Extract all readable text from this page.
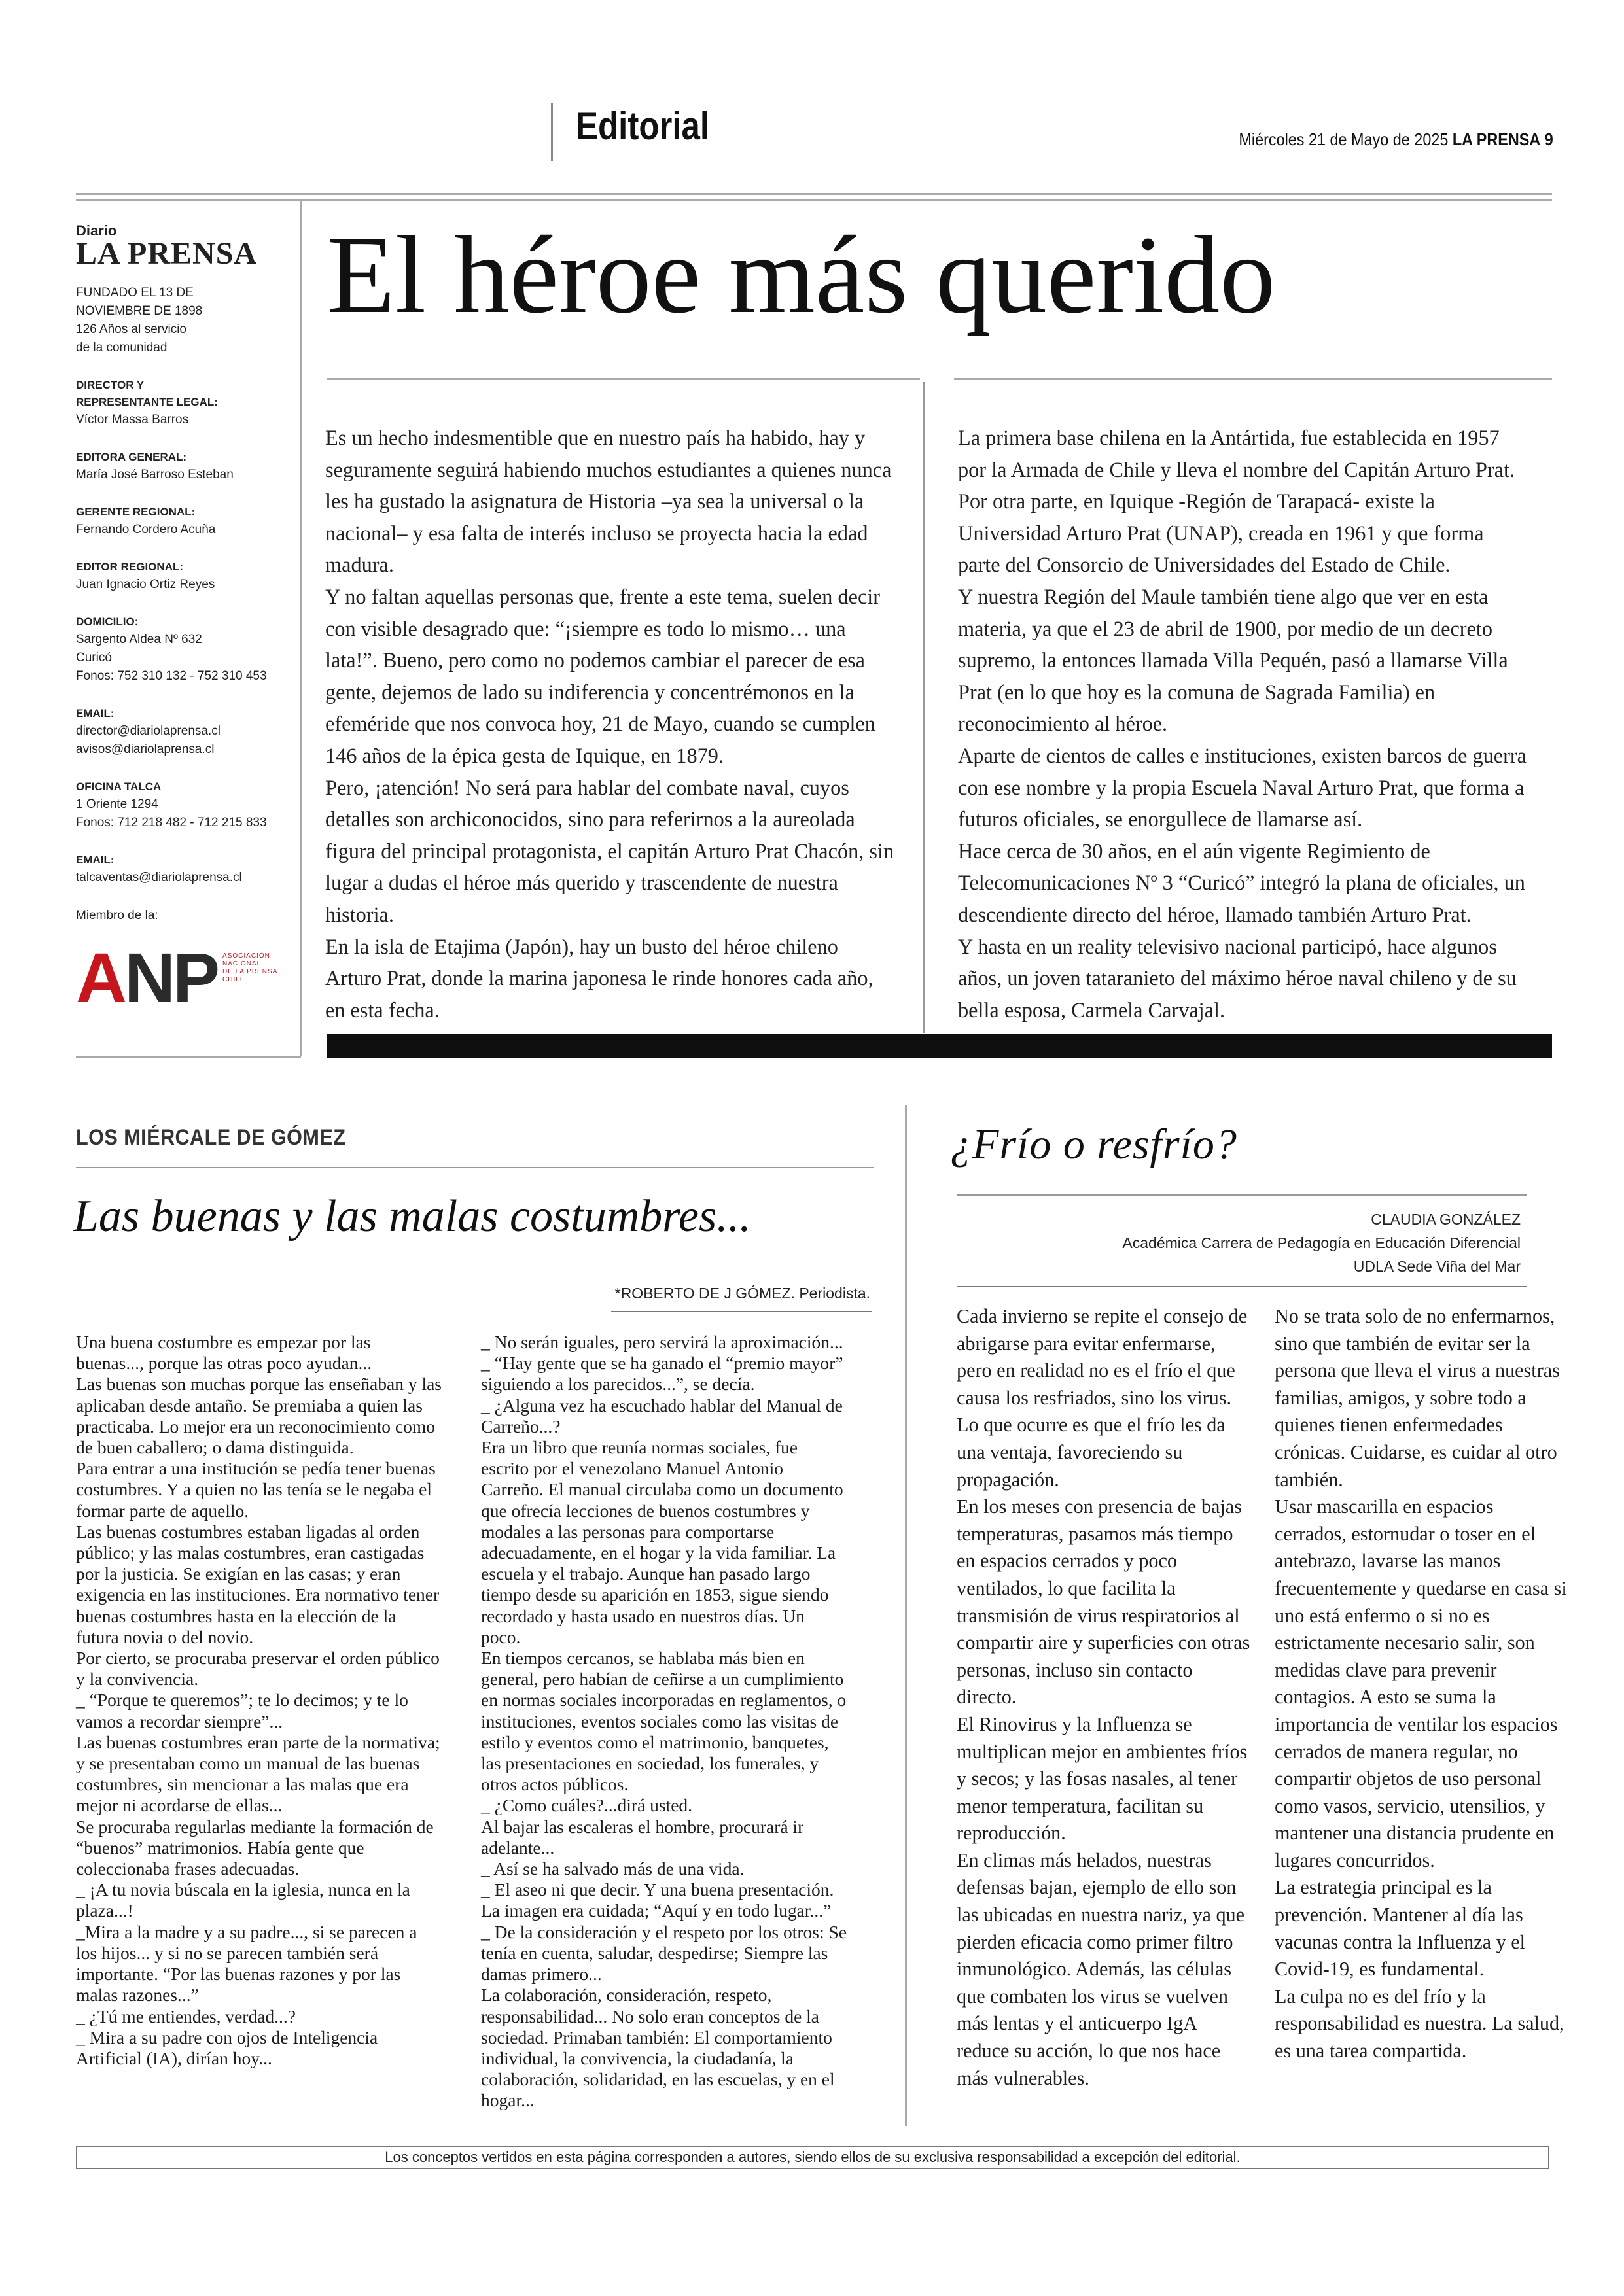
Editorial	Miércoles 21 de Mayo de 2025 LA PRENSA 9
Diario
LA PRENSA
FUNDADO EL 13 DE
NOVIEMBRE DE 1898
126 Años al servicio
de la comunidad
DIRECTOR Y
REPRESENTANTE LEGAL:
Víctor Massa Barros
EDITORA GENERAL:
María José Barroso Esteban
GERENTE REGIONAL:
Fernando Cordero Acuña
EDITOR REGIONAL:
Juan Ignacio Ortiz Reyes
DOMICILIO:
Sargento Aldea Nº 632
Curicó
Fonos: 752 310 132 - 752 310 453
EMAIL:
director@diariolaprensa.cl
avisos@diariolaprensa.cl
OFICINA TALCA
1 Oriente 1294
Fonos: 712 218 482 - 712 215 833
EMAIL:
talcaventas@diariolaprensa.cl
Miembro de la:
ANP ASOCIACIÓN
NACIONAL
DE LA PRENSA
CHILE
El héroe más querido

Es un hecho indesmentible que en nuestro país ha habido, hay y seguramente seguirá habiendo muchos estudiantes a quienes nunca les ha gustado la asignatura de Historia –ya sea la universal o la nacional– y esa falta de interés incluso se proyecta hacia la edad madura.

Y no faltan aquellas personas que, frente a este tema, suelen decir con visible desagrado que: “¡siempre es todo lo mismo… una lata!”. Bueno, pero como no podemos cambiar el parecer de esa gente, dejemos de lado su indiferencia y concentrémonos en la efeméride que nos convoca hoy, 21 de Mayo, cuando se cumplen 146 años de la épica gesta de Iquique, en 1879.

Pero, ¡atención! No será para hablar del combate naval, cuyos detalles son archiconocidos, sino para referirnos a la aureolada figura del principal protagonista, el capitán Arturo Prat Chacón, sin lugar a dudas el héroe más querido y trascendente de nuestra historia.

En la isla de Etajima (Japón), hay un busto del héroe chileno Arturo Prat, donde la marina japonesa le rinde honores cada año, en esta fecha.

La primera base chilena en la Antártida, fue establecida en 1957 por la Armada de Chile y lleva el nombre del Capitán Arturo Prat.

Por otra parte, en Iquique -Región de Tarapacá- existe la Universidad Arturo Prat (UNAP), creada en 1961 y que forma parte del Consorcio de Universidades del Estado de Chile.

Y nuestra Región del Maule también tiene algo que ver en esta materia, ya que el 23 de abril de 1900, por medio de un decreto supremo, la entonces llamada Villa Pequén, pasó a llamarse Villa Prat (en lo que hoy es la comuna de Sagrada Familia) en reconocimiento al héroe.

Aparte de cientos de calles e instituciones, existen barcos de guerra con ese nombre y la propia Escuela Naval Arturo Prat, que forma a futuros oficiales, se enorgullece de llamarse así.

Hace cerca de 30 años, en el aún vigente Regimiento de Telecomunicaciones Nº 3 “Curicó” integró la plana de oficiales, un descendiente directo del héroe, llamado también Arturo Prat.

Y hasta en un reality televisivo nacional participó, hace algunos años, un joven tataranieto del máximo héroe naval chileno y de su bella esposa, Carmela Carvajal.

LOS MIÉRCALE DE GÓMEZ
Las buenas y las malas costumbres...
*ROBERTO DE J GÓMEZ. Periodista.

Una buena costumbre es empezar por las buenas..., porque las otras poco ayudan...

Las buenas son muchas porque las enseñaban y las aplicaban desde antaño. Se premiaba a quien las practicaba. Lo mejor era un reconocimiento como de buen caballero; o dama distinguida.

Para entrar a una institución se pedía tener buenas costumbres. Y a quien no las tenía se le negaba el formar parte de aquello.

Las buenas costumbres estaban ligadas al orden público; y las malas costumbres, eran castigadas por la justicia. Se exigían en las casas; y eran exigencia en las instituciones. Era normativo tener buenas costumbres hasta en la elección de la futura novia o del novio.

Por cierto, se procuraba preservar el orden público y la convivencia.

_ “Porque te queremos”; te lo decimos; y te lo vamos a recordar siempre”...

Las buenas costumbres eran parte de la normativa; y se presentaban como un manual de las buenas costumbres, sin mencionar a las malas que era mejor ni acordarse de ellas...

Se procuraba regularlas mediante la formación de “buenos” matrimonios. Había gente que coleccionaba frases adecuadas.

_ ¡A tu novia búscala en la iglesia, nunca en la plaza...!

_Mira a la madre y a su padre..., si se parecen a los hijos... y si no se parecen también será importante. “Por las buenas razones y por las malas razones...”

_ ¿Tú me entiendes, verdad...?

_ Mira a su padre con ojos de Inteligencia Artificial (IA), dirían hoy...

_ No serán iguales, pero servirá la aproximación...

_ “Hay gente que se ha ganado el “premio mayor” siguiendo a los parecidos...”, se decía.

_ ¿Alguna vez ha escuchado hablar del Manual de Carreño...?

Era un libro que reunía normas sociales, fue escrito por el venezolano Manuel Antonio Carreño. El manual circulaba como un documento que ofrecía lecciones de buenos costumbres y modales a las personas para comportarse adecuadamente, en el hogar y la vida familiar. La escuela y el trabajo. Aunque han pasado largo tiempo desde su aparición en 1853, sigue siendo recordado y hasta usado en nuestros días. Un poco.

En tiempos cercanos, se hablaba más bien en general, pero habían de ceñirse a un cumplimiento en normas sociales incorporadas en reglamentos, o instituciones, eventos sociales como las visitas de estilo y eventos como el matrimonio, banquetes, las presentaciones en sociedad, los funerales, y otros actos públicos.

_ ¿Como cuáles?...dirá usted.

Al bajar las escaleras el hombre, procurará ir adelante...

_ Así se ha salvado más de una vida.

_ El aseo ni que decir. Y una buena presentación.

La imagen era cuidada; “Aquí y en todo lugar...”

_ De la consideración y el respeto por los otros: Se tenía en cuenta, saludar, despedirse; Siempre las damas primero...

La colaboración, consideración, respeto, responsabilidad... No solo eran conceptos de la sociedad. Primaban también: El comportamiento individual, la convivencia, la ciudadanía, la colaboración, solidaridad, en las escuelas, y en el hogar...

¿Frío o resfrío?
CLAUDIA GONZÁLEZ
Académica Carrera de Pedagogía en Educación Diferencial
UDLA Sede Viña del Mar

Cada invierno se repite el consejo de abrigarse para evitar enfermarse, pero en realidad no es el frío el que causa los resfriados, sino los virus. Lo que ocurre es que el frío les da una ventaja, favoreciendo su propagación.

En los meses con presencia de bajas temperaturas, pasamos más tiempo en espacios cerrados y poco ventilados, lo que facilita la transmisión de virus respiratorios al compartir aire y superficies con otras personas, incluso sin contacto directo.

El Rinovirus y la Influenza se multiplican mejor en ambientes fríos y secos; y las fosas nasales, al tener menor temperatura, facilitan su reproducción.

En climas más helados, nuestras defensas bajan, ejemplo de ello son las ubicadas en nuestra nariz, ya que pierden eficacia como primer filtro inmunológico. Además, las células que combaten los virus se vuelven más lentas y el anticuerpo IgA reduce su acción, lo que nos hace más vulnerables.

No se trata solo de no enfermarnos, sino que también de evitar ser la persona que lleva el virus a nuestras familias, amigos, y sobre todo a quienes tienen enfermedades crónicas. Cuidarse, es cuidar al otro también.

Usar mascarilla en espacios cerrados, estornudar o toser en el antebrazo, lavarse las manos frecuentemente y quedarse en casa si uno está enfermo o si no es estrictamente necesario salir, son medidas clave para prevenir contagios. A esto se suma la importancia de ventilar los espacios cerrados de manera regular, no compartir objetos de uso personal como vasos, servicio, utensilios, y mantener una distancia prudente en lugares concurridos.

La estrategia principal es la prevención. Mantener al día las vacunas contra la Influenza y el Covid-19, es fundamental.

La culpa no es del frío y la responsabilidad es nuestra. La salud, es una tarea compartida.

Los conceptos vertidos en esta página corresponden a autores, siendo ellos de su exclusiva responsabilidad a excepción del editorial.
